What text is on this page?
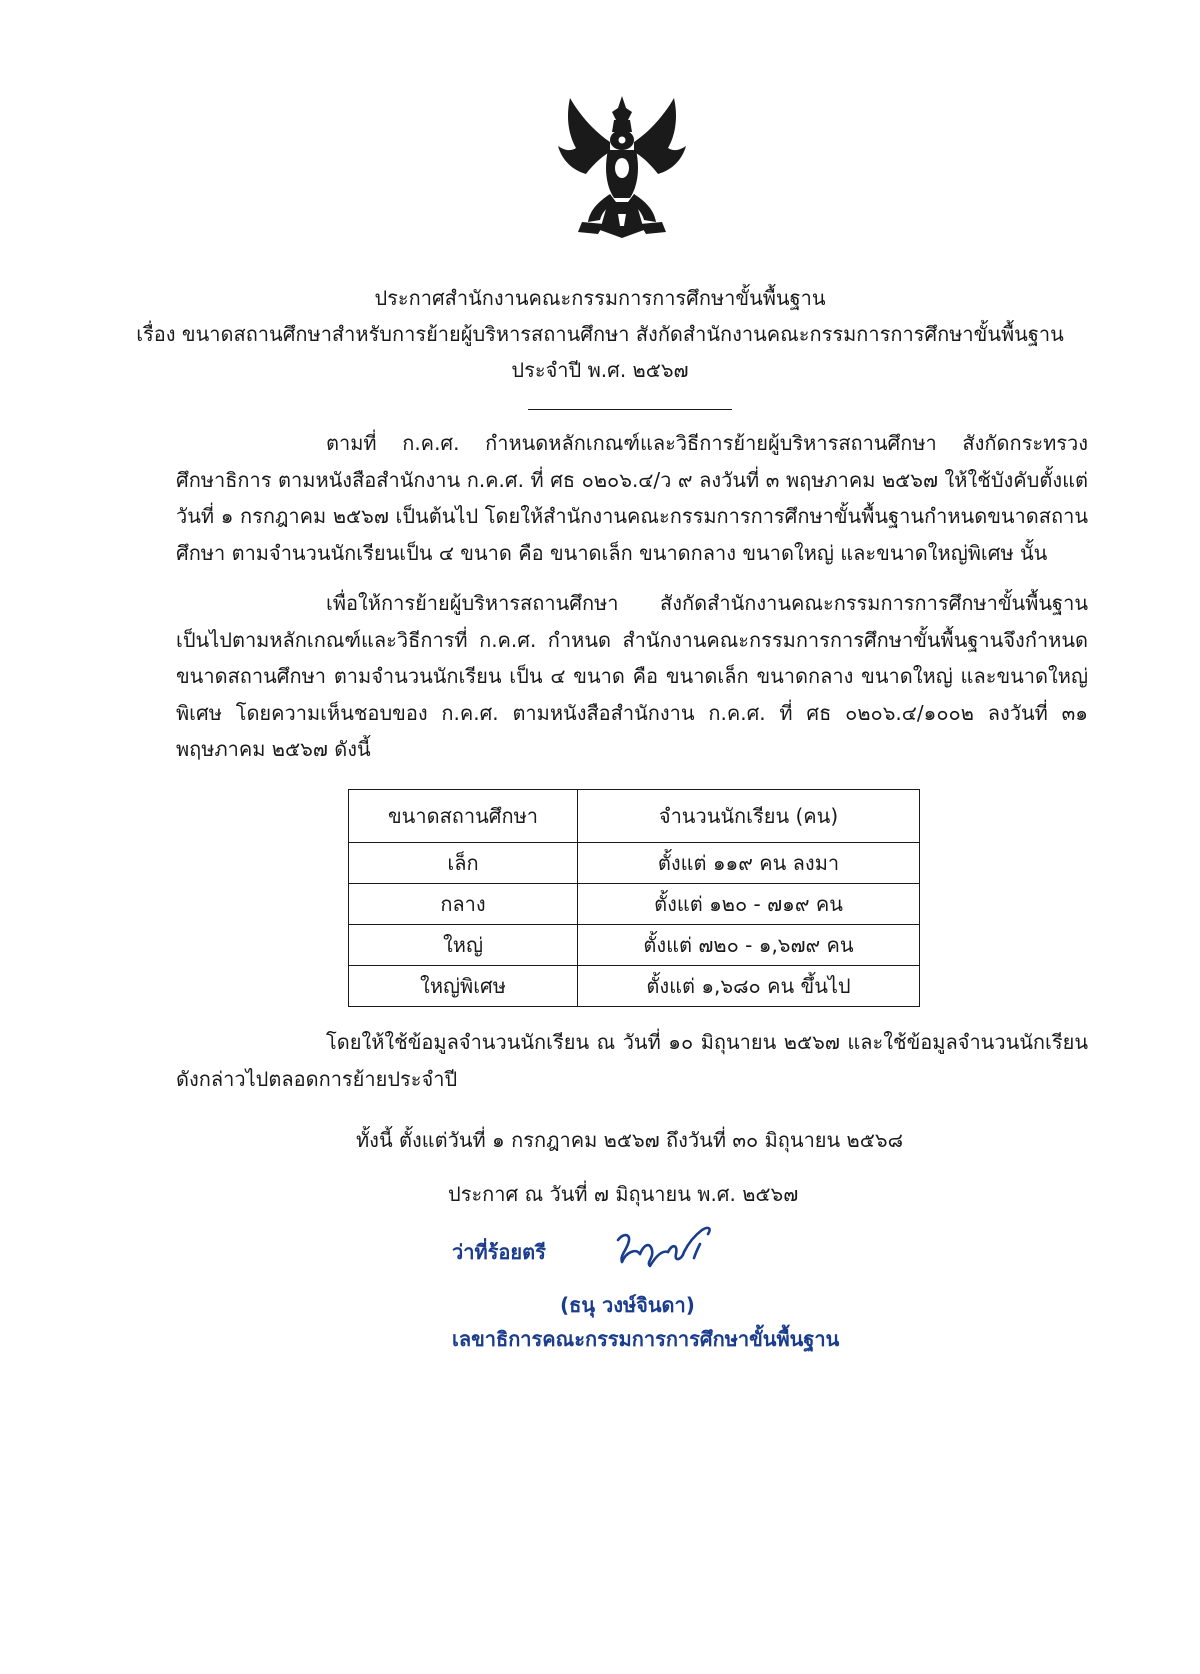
ประกาศสำนักงานคณะกรรมการการศึกษาขั้นพื้นฐาน
เรื่อง ขนาดสถานศึกษาสำหรับการย้ายผู้บริหารสถานศึกษา สังกัดสำนักงานคณะกรรมการการศึกษาขั้นพื้นฐาน
ประจำปี พ.ศ. ๒๕๖๗
ตามที่ ก.ค.ศ. กำหนดหลักเกณฑ์และวิธีการย้ายผู้บริหารสถานศึกษา สังกัดกระทรวงศึกษาธิการ ตามหนังสือสำนักงาน ก.ค.ศ. ที่ ศธ ๐๒๐๖.๔/ว ๙ ลงวันที่ ๓ พฤษภาคม ๒๕๖๗ ให้ใช้บังคับตั้งแต่วันที่ ๑ กรกฎาคม ๒๕๖๗ เป็นต้นไป โดยให้สำนักงานคณะกรรมการการศึกษาขั้นพื้นฐานกำหนดขนาดสถานศึกษา ตามจำนวนนักเรียนเป็น ๔ ขนาด คือ ขนาดเล็ก ขนาดกลาง ขนาดใหญ่ และขนาดใหญ่พิเศษ นั้น
เพื่อให้การย้ายผู้บริหารสถานศึกษา สังกัดสำนักงานคณะกรรมการการศึกษาขั้นพื้นฐาน เป็นไปตามหลักเกณฑ์และวิธีการที่ ก.ค.ศ. กำหนด สำนักงานคณะกรรมการการศึกษาขั้นพื้นฐานจึงกำหนด ขนาดสถานศึกษา ตามจำนวนนักเรียน เป็น ๔ ขนาด คือ ขนาดเล็ก ขนาดกลาง ขนาดใหญ่ และขนาดใหญ่พิเศษ โดยความเห็นชอบของ ก.ค.ศ. ตามหนังสือสำนักงาน ก.ค.ศ. ที่ ศธ ๐๒๐๖.๔/๑๐๐๒ ลงวันที่ ๓๑ พฤษภาคม ๒๕๖๗ ดังนี้
ขนาดสถานศึกษา	จำนวนนักเรียน (คน)
เล็ก	ตั้งแต่ ๑๑๙ คน ลงมา
กลาง	ตั้งแต่ ๑๒๐ - ๗๑๙ คน
ใหญ่	ตั้งแต่ ๗๒๐ - ๑,๖๗๙ คน
ใหญ่พิเศษ	ตั้งแต่ ๑,๖๘๐ คน ขึ้นไป
โดยให้ใช้ข้อมูลจำนวนนักเรียน ณ วันที่ ๑๐ มิถุนายน ๒๕๖๗ และใช้ข้อมูลจำนวนนักเรียน ดังกล่าวไปตลอดการย้ายประจำปี
ทั้งนี้ ตั้งแต่วันที่ ๑ กรกฎาคม ๒๕๖๗ ถึงวันที่ ๓๐ มิถุนายน ๒๕๖๘
ประกาศ ณ วันที่ ๗ มิถุนายน พ.ศ. ๒๕๖๗
ว่าที่ร้อยตรี
(ธนุ วงษ์จินดา)
เลขาธิการคณะกรรมการการศึกษาขั้นพื้นฐาน
